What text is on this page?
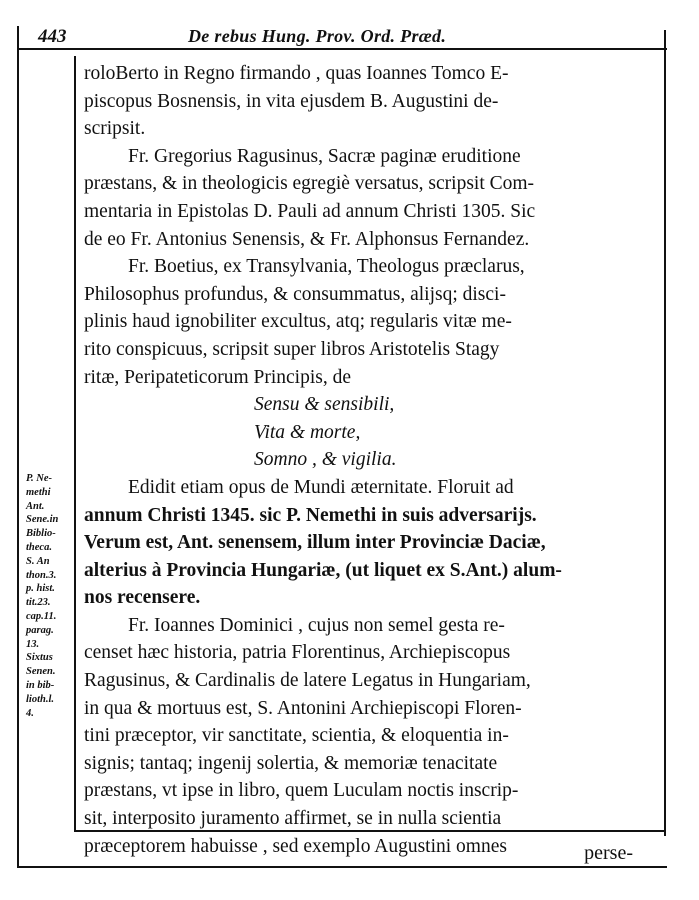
443	De rebus Hung. Prov. Ord. Præd.
roloBerto in Regno firmando , quas Ioannes Tomco E-
piscopus Bosnensis, in vita ejusdem B. Augustini de-
scripsit.
Fr. Gregorius Ragusinus, Sacræ paginæ eruditione
præstans, & in theologicis egregiè versatus, scripsit Com-
mentaria in Epistolas D. Pauli ad annum Christi 1305. Sic
de eo Fr. Antonius Senensis, & Fr. Alphonsus Fernandez.
Fr. Boetius, ex Transylvania, Theologus præclarus,
Philosophus profundus, & consummatus, alijsq; disci-
plinis haud ignobiliter excultus, atq; regularis vitæ me-
rito conspicuus, scripsit super libros Aristotelis Stagy
ritæ, Peripateticorum Principis, de
Sensu & sensibili,
Vita & morte,
Somno , & vigilia.
Edidit etiam opus de Mundi æternitate. Floruit ad
annum Christi 1345. sic P. Nemethi in suis adversarijs.
Verum est, Ant. senensem, illum inter Provinciæ Daciæ,
alterius à Provincia Hungariæ, (ut liquet ex S.Ant.) alum-
nos recensere.
Fr. Ioannes Dominici , cujus non semel gesta re-
censet hæc historia, patria Florentinus, Archiepiscopus
Ragusinus, & Cardinalis de latere Legatus in Hungariam,
in qua & mortuus est, S. Antonini Archiepiscopi Floren-
tini præceptor, vir sanctitate, scientia, & eloquentia in-
signis; tantaq; ingenij solertia, & memoriæ tenacitate
præstans, vt ipse in libro, quem Luculam noctis inscrip-
sit, interposito juramento affirmet, se in nulla scientia
præceptorem habuisse , sed exemplo Augustini omnes
P. Ne-
methi
Ant.
Sene.in
Biblio-
theca.
S. An
thon.3.
p. hist.
tit.23.
cap.11.
parag.
13.
Sixtus
Senen.
in bib-
lioth.l.
4.
perse-
